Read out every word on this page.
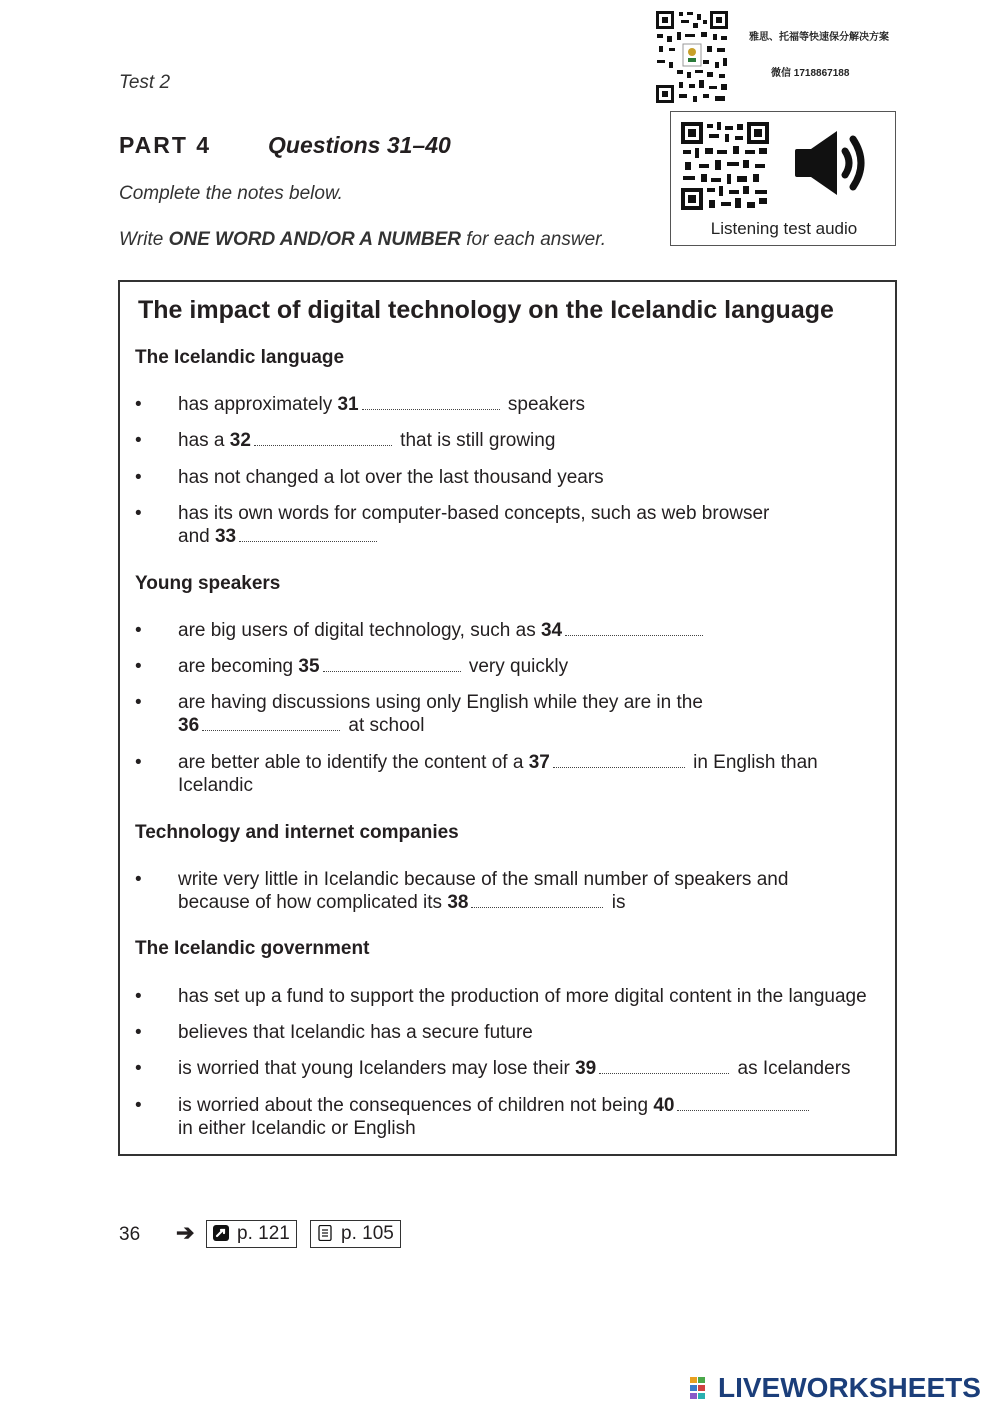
Test 2
PART 4 Questions 31–40
Complete the notes below.
Write ONE WORD AND/OR A NUMBER for each answer.
雅思、托福等快速保分解决方案
微信 1718867188
Listening test audio
The impact of digital technology on the Icelandic language
The Icelandic language
•	has approximately 31	speakers
•	has a 32	that is still growing
•	has not changed a lot over the last thousand years
•	has its own words for computer-based concepts, such as web browser
and 33
Young speakers
•	are big users of digital technology, such as 34
•	are becoming 35	very quickly
•	are having discussions using only English while they are in the
36	at school
•	are better able to identify the content of a 37	in English than
Icelandic
Technology and internet companies
•	write very little in Icelandic because of the small number of speakers and
because of how complicated its 38	is
The Icelandic government
•	has set up a fund to support the production of more digital content in the language
•	believes that Icelandic has a secure future
•	is worried that young Icelanders may lose their 39	as Icelanders
•	is worried about the consequences of children not being 40
in either Icelandic or English
36 ➔	p. 121	p. 105
LIVEWORKSHEETS
